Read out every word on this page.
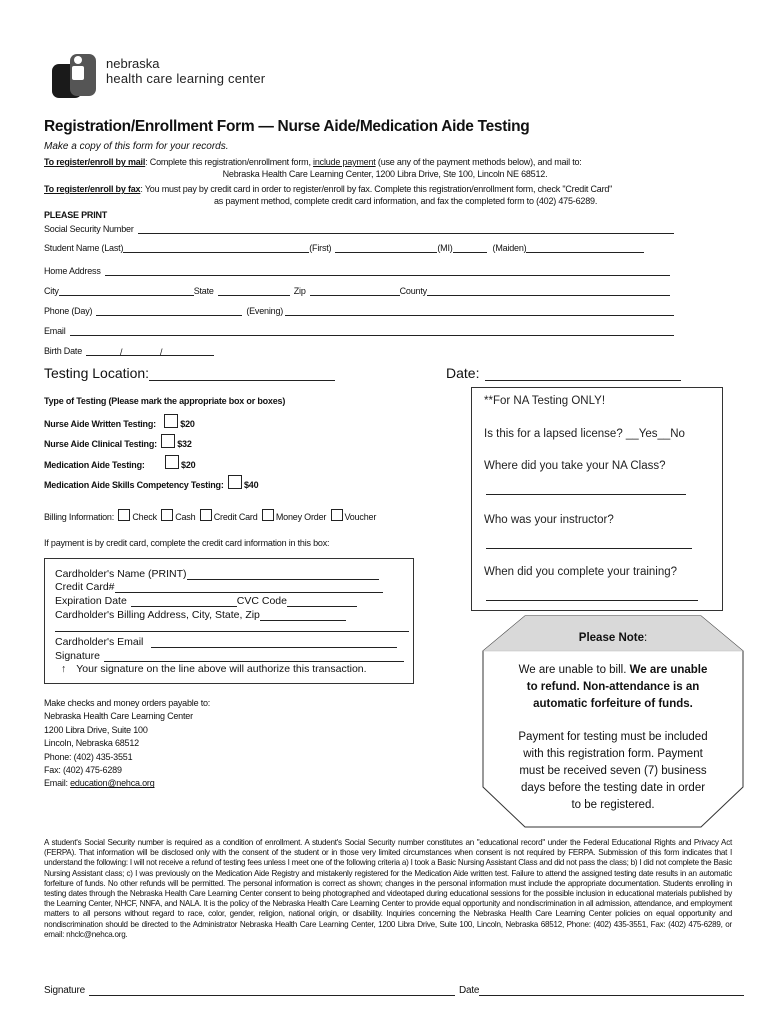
nebraska
health care learning center
Registration/Enrollment Form — Nurse Aide/Medication Aide Testing
Make a copy of this form for your records.
To register/enroll by mail: Complete this registration/enrollment form, include payment (use any of the payment methods below), and mail to:
Nebraska Health Care Learning Center, 1200 Libra Drive, Ste 100, Lincoln NE 68512.
To register/enroll by fax: You must pay by credit card in order to register/enroll by fax. Complete this registration/enrollment form, check "Credit Card"
as payment method, complete credit card information, and fax the completed form to (402) 475-6289.
PLEASE PRINT
Social Security Number
Student Name (Last)	(First)	(MI)	(Maiden)
Home Address
City	State	Zip	County
Phone (Day)	(Evening)
Email
Birth Date	/	/
Testing Location:	Date:
Type of Testing (Please mark the appropriate box or boxes)
Nurse Aide Written Testing:	$20
Nurse Aide Clinical Testing: $32
Medication Aide Testing:	$20
Medication Aide Skills Competency Testing: $40
Billing Information: Check Cash Credit Card Money Order Voucher
If payment is by credit card, complete the credit card information in this box:
Cardholder's Name (PRINT)
Credit Card#
Expiration Date	CVC Code
Cardholder's Billing Address, City, State, Zip
Cardholder's Email
Signature
↑ Your signature on the line above will authorize this transaction.
Make checks and money orders payable to:
Nebraska Health Care Learning Center
1200 Libra Drive, Suite 100
Lincoln, Nebraska 68512
Phone: (402) 435-3551
Fax: (402) 475-6289
Email: education@nehca.org
**For NA Testing ONLY!
Is this for a lapsed license? __Yes__No
Where did you take your NA Class?
Who was your instructor?
When did you complete your training?
Please Note:
We are unable to bill. We are unable
to refund. Non-attendance is an
automatic forfeiture of funds.
Payment for testing must be included
with this registration form. Payment
must be received seven (7) business
days before the testing date in order
to be registered.
A student's Social Security number is required as a condition of enrollment. A student's Social Security number constitutes an "educational record" under the Federal Educational Rights and Privacy Act (FERPA). That information will be disclosed only with the consent of the student or in those very limited circumstances when consent is not required by FERPA. Submission of this form indicates that I understand the following: I will not receive a refund of testing fees unless I meet one of the following criteria a) I took a Basic Nursing Assistant Class and did not pass the class; b) I did not complete the Basic Nursing Assistant class; c) I was previously on the Medication Aide Registry and mistakenly registered for the Medication Aide written test. Failure to attend the assigned testing date results in an automatic forfeiture of funds. No other refunds will be permitted. The personal information is correct as shown; changes in the personal information must include the appropriate documentation. Students enrolling in testing dates through the Nebraska Health Care Learning Center consent to being photographed and videotaped during educational sessions for the possible inclusion in educational materials published by the Learning Center, NHCF, NNFA, and NALA. It is the policy of the Nebraska Health Care Learning Center to provide equal opportunity and nondiscrimination in all admission, attendance, and employment matters to all persons without regard to race, color, gender, religion, national origin, or disability. Inquiries concerning the Nebraska Health Care Learning Center policies on equal opportunity and nondiscrimination should be directed to the Administrator Nebraska Health Care Learning Center, 1200 Libra Drive, Suite 100, Lincoln, Nebraska 68512, Phone: (402) 435-3551, Fax: (402) 475-6289, or email: nhclc@nehca.org.
Signature	Date
